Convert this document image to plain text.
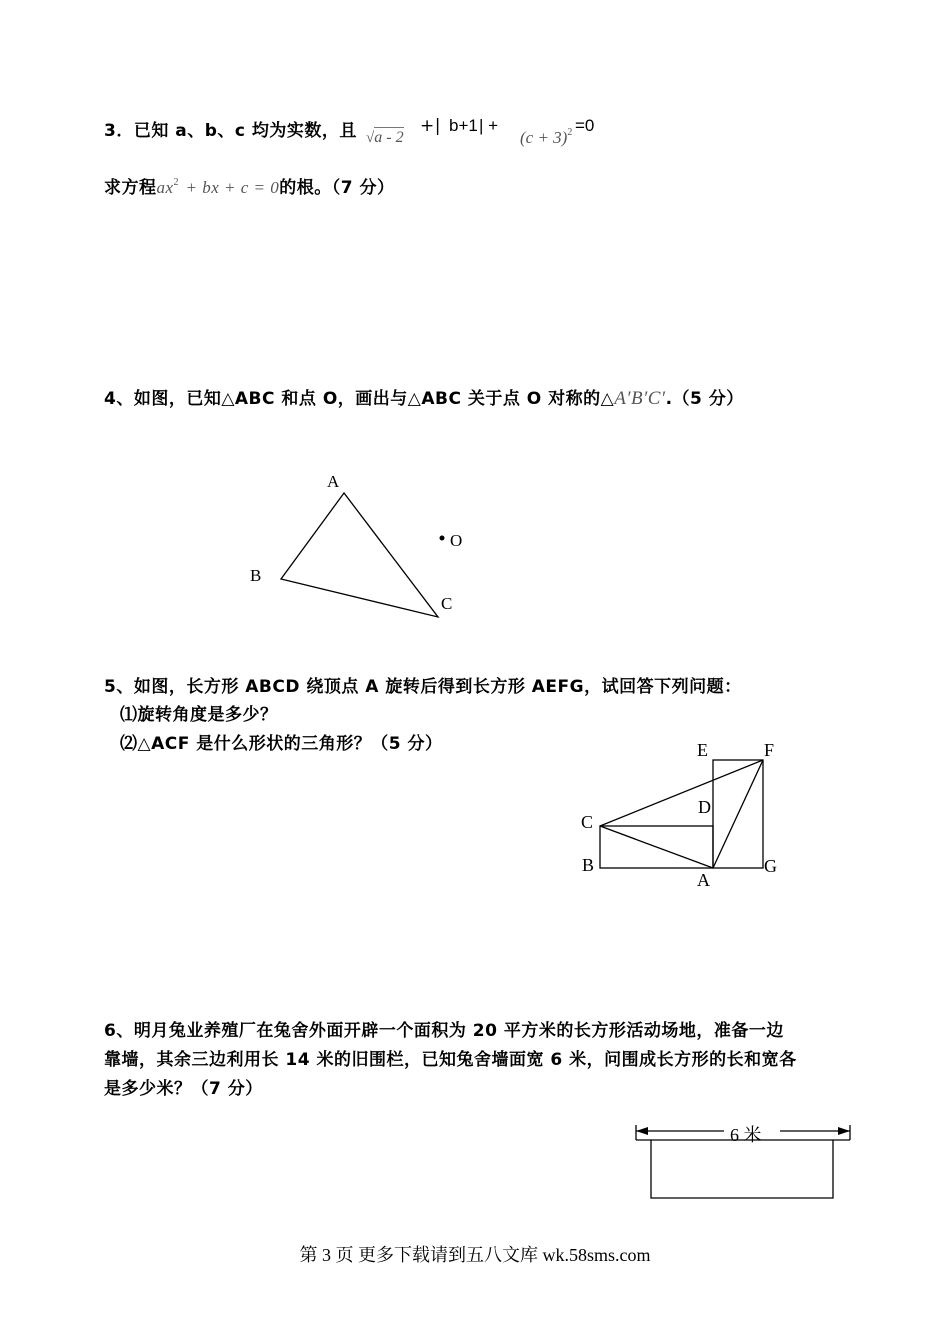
3．已知 a、b、c 均为实数，且 √a - 2
+| b+1 | +
$(c + 3)^2 =0$
求方程$ax^2$ + bx + c = 0的根。（7 分）
4、如图，已知△ABC 和点 O，画出与△ABC 关于点 O 对称的△A′B′C′.（5 分）
A
B
C
O
5、如图，长方形 ABCD 绕顶点 A 旋转后得到长方形 AEFG，试回答下列问题：
⑴旋转角度是多少？
⑵△ACF 是什么形状的三角形？（5 分）	E	F
D
C
B
A
G
6、明月兔业养殖厂在兔舍外面开辟一个面积为 20 平方米的长方形活动场地，准备一边
靠墙，其余三边利用长 14 米的旧围栏，已知兔舍墙面宽 6 米，问围成长方形的长和宽各
是多少米？（7 分）
6 米
第 3 页 更多下载请到五八文库 wk.58sms.com
